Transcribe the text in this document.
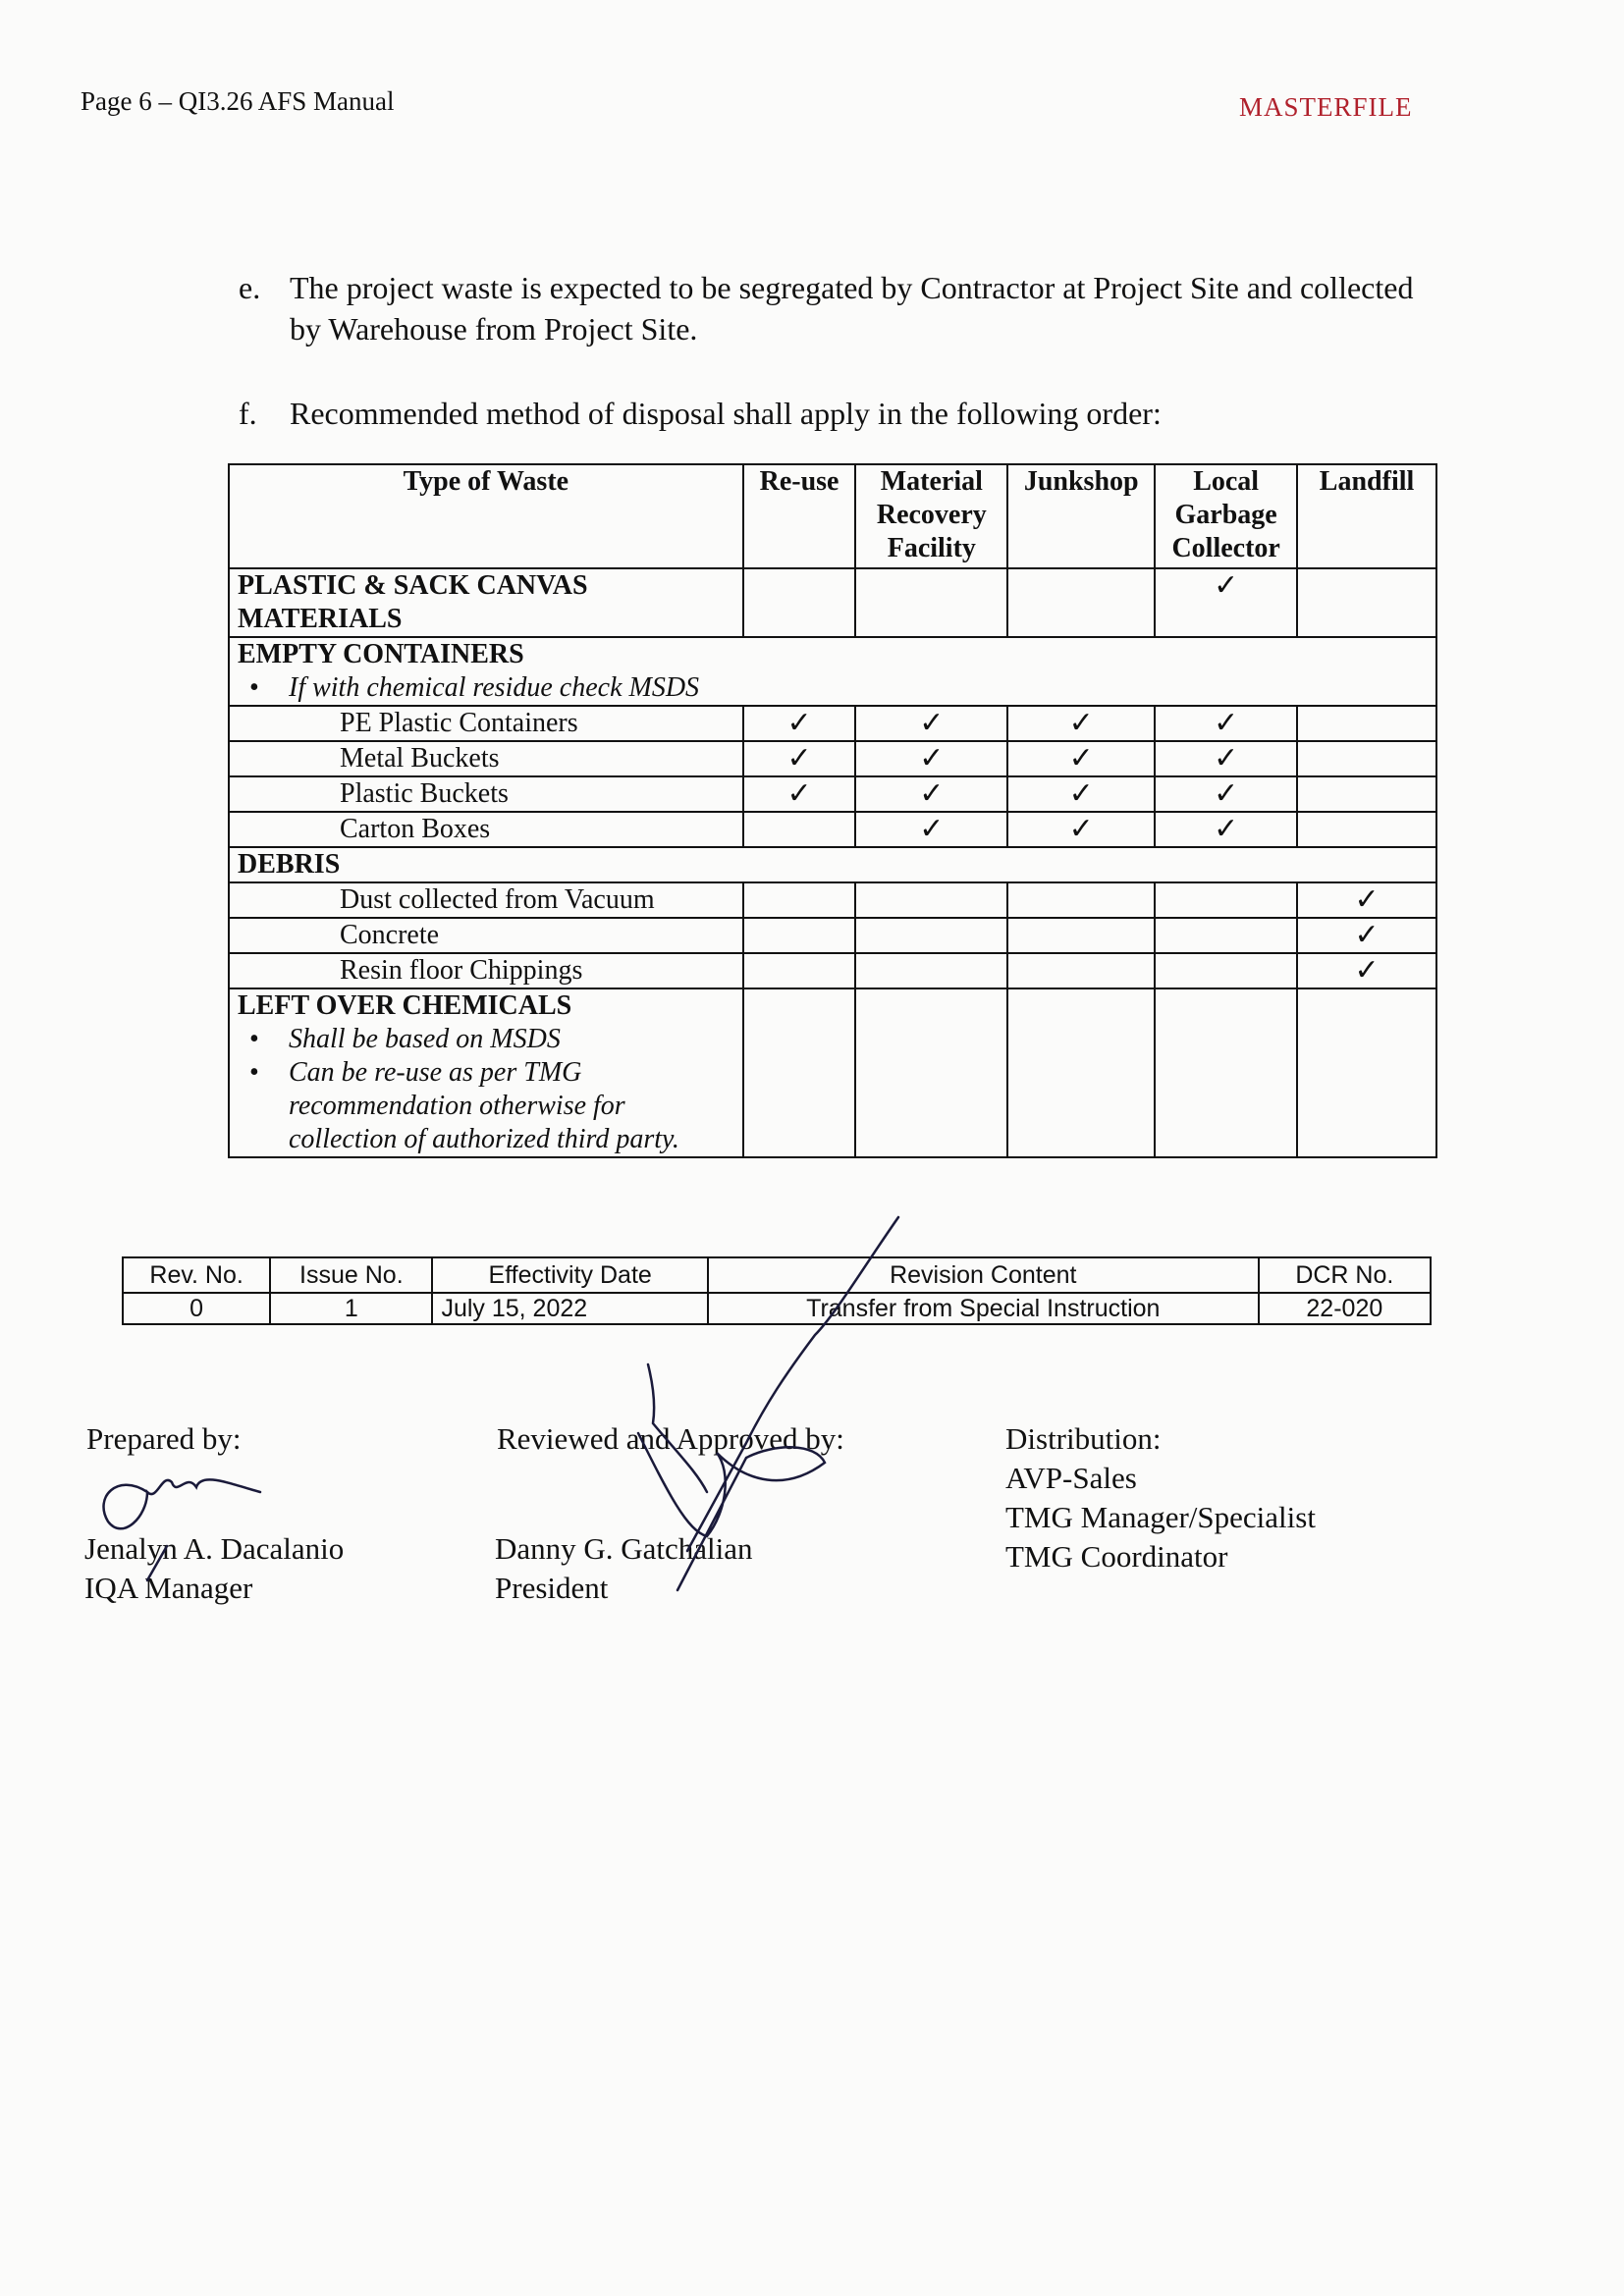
Page 6 – QI3.26 AFS Manual	MASTERFILE
e. The project waste is expected to be segregated by Contractor at Project Site and collected
by Warehouse from Project Site.
f. Recommended method of disposal shall apply in the following order:
Type of Waste	Re-use	Material Recovery Facility	Junkshop	Local Garbage Collector	Landfill
PLASTIC & SACK CANVAS MATERIALS				✓	

EMPTY CONTAINERS
• If with chemical residue check MSDS

PE Plastic Containers	✓	✓	✓	✓	
Metal Buckets	✓	✓	✓	✓	
Plastic Buckets	✓	✓	✓	✓	
Carton Boxes		✓	✓	✓	
DEBRIS					
Dust collected from Vacuum					✓
Concrete					✓
Resin floor Chippings					✓

LEFT OVER CHEMICALS
• Shall be based on MSDS
• Can be re-use as per TMG recommendation otherwise for collection of authorized third party.

Rev. No.	Issue No.	Effectivity Date	Revision Content	DCR No.
0	1	July 15, 2022	Transfer from Special Instruction	22-020
Prepared by:	Reviewed and Approved by:	Distribution:
AVP-Sales
TMG Manager/Specialist
TMG Coordinator
Jenalyn A. Dacalanio
IQA Manager
Danny G. Gatchalian
President
